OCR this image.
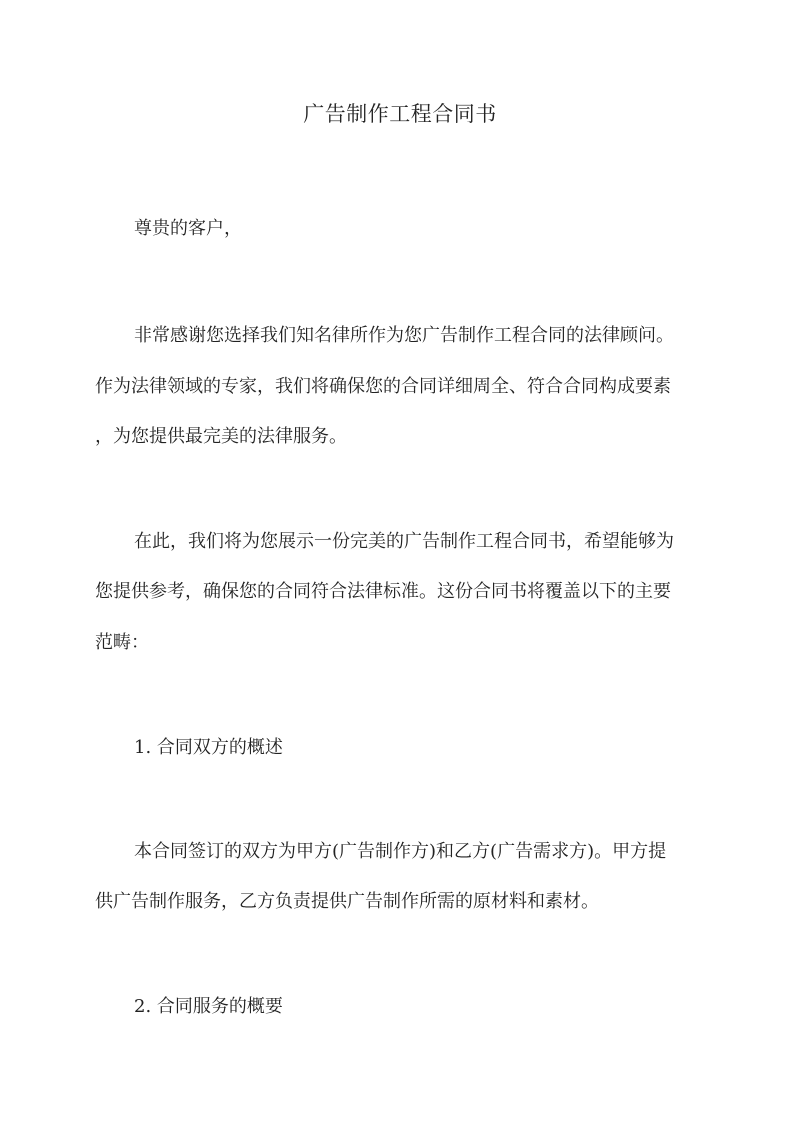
广告制作工程合同书

尊贵的客户，

非常感谢您选择我们知名律所作为您广告制作工程合同的法律顾问。

作为法律领域的专家，我们将确保您的合同详细周全、符合合同构成要素

，为您提供最完美的法律服务。

在此，我们将为您展示一份完美的广告制作工程合同书，希望能够为

您提供参考，确保您的合同符合法律标准。这份合同书将覆盖以下的主要

范畴：

1. 合同双方的概述

本合同签订的双方为甲方(广告制作方)和乙方(广告需求方)。甲方提

供广告制作服务，乙方负责提供广告制作所需的原材料和素材。

2. 合同服务的概要
